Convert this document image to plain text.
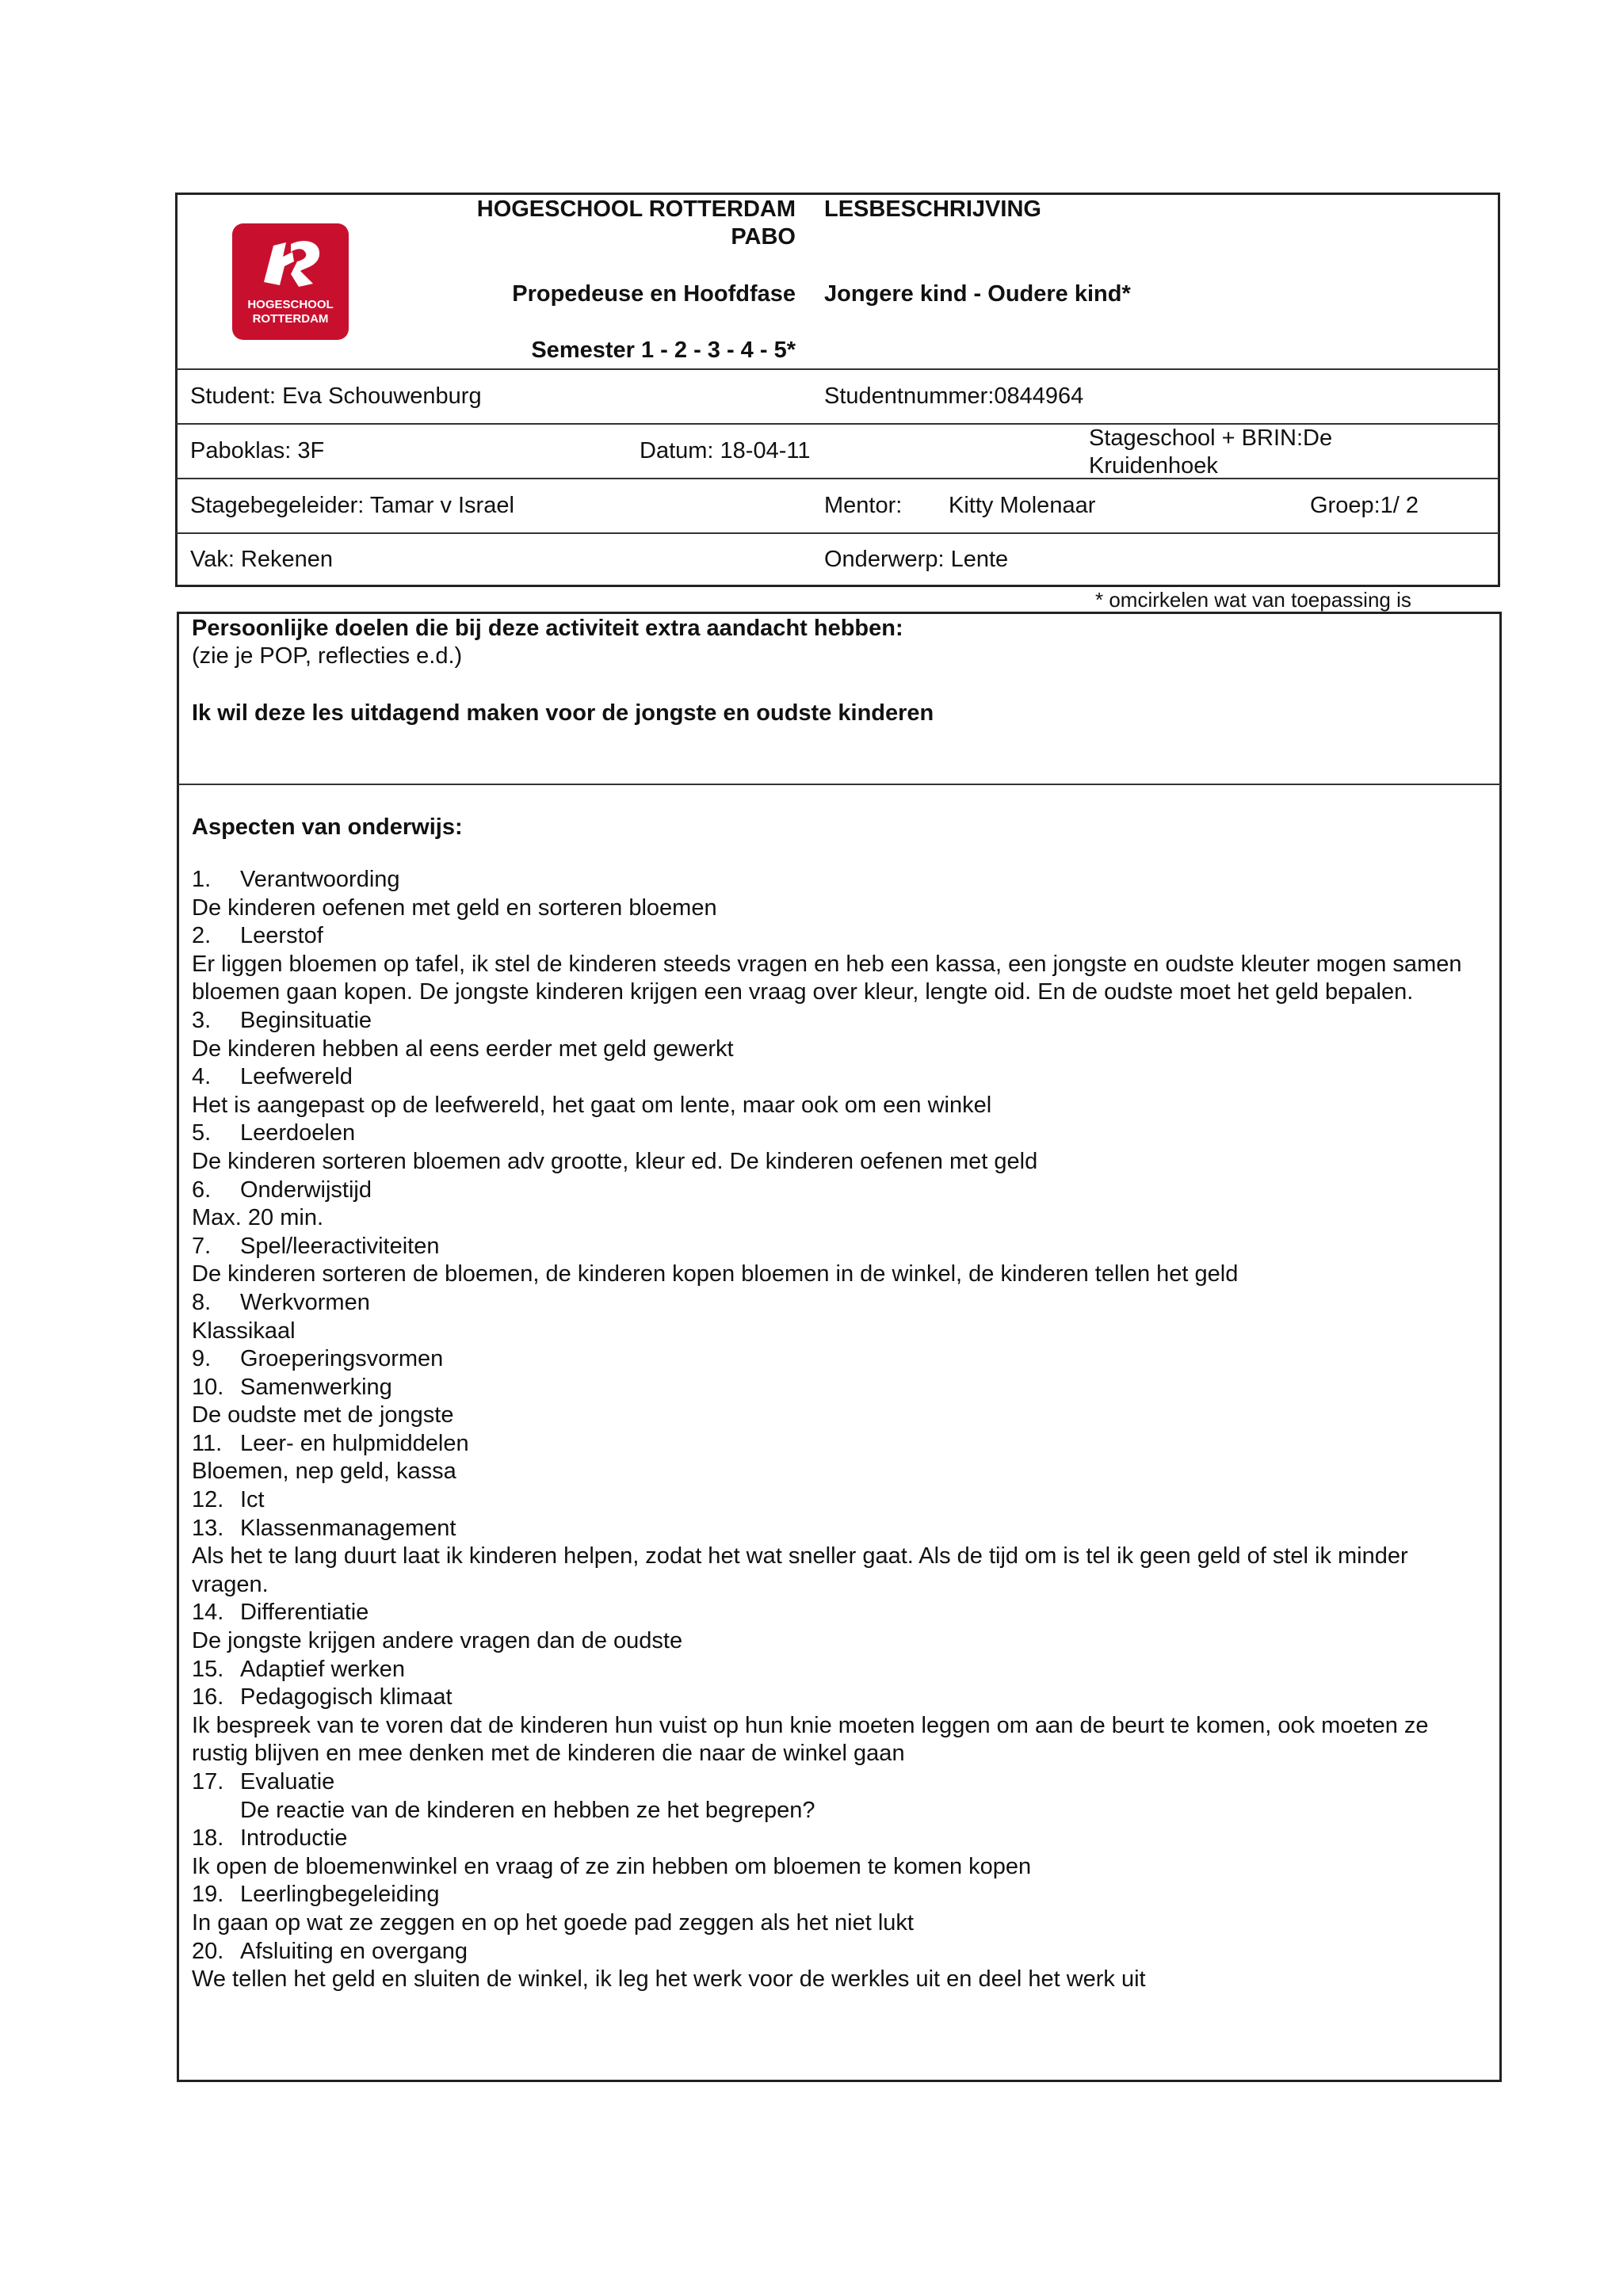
HOGESCHOOL
ROTTERDAM
HOGESCHOOL ROTTERDAM
PABO
Propedeuse en Hoofdfase
Semester 1 - 2 - 3 - 4 - 5*
LESBESCHRIJVING
Jongere kind - Oudere kind*
Student: Eva Schouwenburg	Studentnummer:0844964
Paboklas: 3F	Datum: 18-04-11	Stageschool + BRIN:De
Kruidenhoek
Stagebegeleider: Tamar v Israel	Mentor: Kitty Molenaar	Groep:1/ 2
Vak: Rekenen	Onderwerp: Lente
* omcirkelen wat van toepassing is
Persoonlijke doelen die bij deze activiteit extra aandacht hebben:
(zie je POP, reflecties e.d.)
Ik wil deze les uitdagend maken voor de jongste en oudste kinderen
Aspecten van onderwijs:
1. Verantwoording
De kinderen oefenen met geld en sorteren bloemen
2. Leerstof
Er liggen bloemen op tafel, ik stel de kinderen steeds vragen en heb een kassa, een jongste en oudste kleuter mogen samen bloemen gaan kopen. De jongste kinderen krijgen een vraag over kleur, lengte oid. En de oudste moet het geld bepalen.
3. Beginsituatie
De kinderen hebben al eens eerder met geld gewerkt
4. Leefwereld
Het is aangepast op de leefwereld, het gaat om lente, maar ook om een winkel
5. Leerdoelen
De kinderen sorteren bloemen adv grootte, kleur ed. De kinderen oefenen met geld
6. Onderwijstijd
Max. 20 min.
7. Spel/leeractiviteiten
De kinderen sorteren de bloemen, de kinderen kopen bloemen in de winkel, de kinderen tellen het geld
8. Werkvormen
Klassikaal
9. Groeperingsvormen
10. Samenwerking
De oudste met de jongste
11. Leer- en hulpmiddelen
Bloemen, nep geld, kassa
12. Ict
13. Klassenmanagement
Als het te lang duurt laat ik kinderen helpen, zodat het wat sneller gaat. Als de tijd om is tel ik geen geld of stel ik minder vragen.
14. Differentiatie
De jongste krijgen andere vragen dan de oudste
15. Adaptief werken
16. Pedagogisch klimaat
Ik bespreek van te voren dat de kinderen hun vuist op hun knie moeten leggen om aan de beurt te komen, ook moeten ze rustig blijven en mee denken met de kinderen die naar de winkel gaan
17. Evaluatie
De reactie van de kinderen en hebben ze het begrepen?
18. Introductie
Ik open de bloemenwinkel en vraag of ze zin hebben om bloemen te komen kopen
19. Leerlingbegeleiding
In gaan op wat ze zeggen en op het goede pad zeggen als het niet lukt
20. Afsluiting en overgang
We tellen het geld en sluiten de winkel, ik leg het werk voor de werkles uit en deel het werk uit
